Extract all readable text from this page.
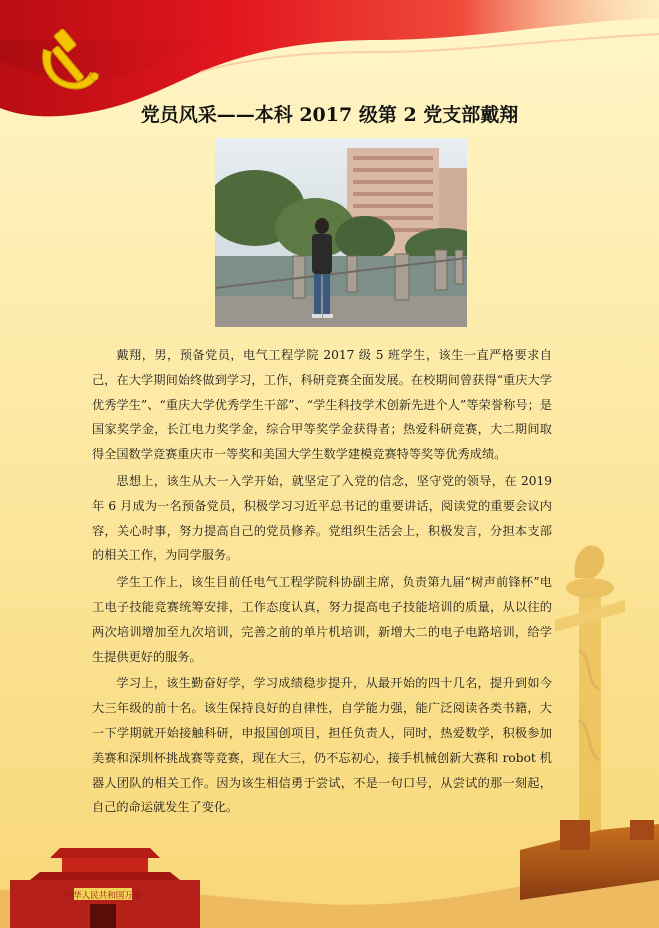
党员风采——本科 2017 级第 2 党支部戴翔

戴翔，男，预备党员，电气工程学院 2017 级 5 班学生，该生一直严格要求自己，在大学期间始终做到学习，工作，科研竞赛全面发展。在校期间曾获得“重庆大学优秀学生”、“重庆大学优秀学生干部”、“学生科技学术创新先进个人”等荣誉称号；是国家奖学金，长江电力奖学金，综合甲等奖学金获得者；热爱科研竞赛，大二期间取得全国数学竞赛重庆市一等奖和美国大学生数学建模竞赛特等奖等优秀成绩。

思想上，该生从大一入学开始，就坚定了入党的信念，坚守党的领导，在 2019 年 6 月成为一名预备党员，积极学习习近平总书记的重要讲话，阅读党的重要会议内容，关心时事，努力提高自己的党员修养。党组织生活会上，积极发言，分担本支部的相关工作，为同学服务。

学生工作上，该生目前任电气工程学院科协副主席，负责第九届“树声前锋杯”电工电子技能竞赛统筹安排，工作态度认真，努力提高电子技能培训的质量，从以往的两次培训增加至九次培训，完善之前的单片机培训，新增大二的电子电路培训，给学生提供更好的服务。

学习上，该生勤奋好学，学习成绩稳步提升，从最开始的四十几名，提升到如今大三年级的前十名。该生保持良好的自律性，自学能力强，能广泛阅读各类书籍，大一下学期就开始接触科研，申报国创项目，担任负责人，同时，热爱数学，积极参加美赛和深圳杯挑战赛等竞赛，现在大三，仍不忘初心，接手机械创新大赛和 robot 机器人团队的相关工作。因为该生相信勇于尝试，不是一句口号，从尝试的那一刻起，自己的命运就发生了变化。

中华人民共和国万岁
